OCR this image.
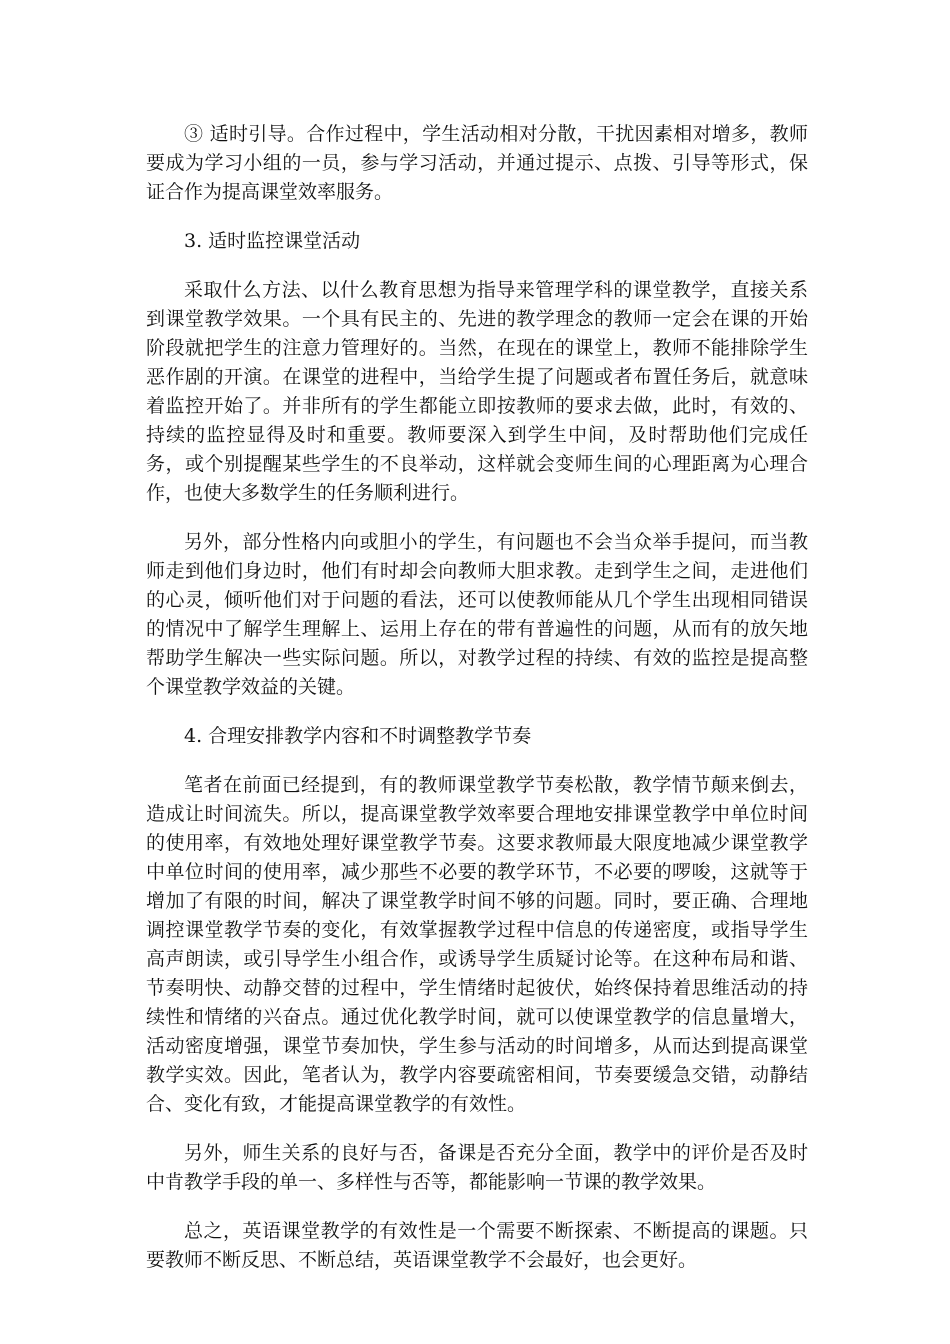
③ 适时引导。合作过程中，学生活动相对分散，干扰因素相对增多，教师要成为学习小组的一员，参与学习活动，并通过提示、点拨、引导等形式，保证合作为提高课堂效率服务。

3. 适时监控课堂活动

采取什么方法、以什么教育思想为指导来管理学科的课堂教学，直接关系到课堂教学效果。一个具有民主的、先进的教学理念的教师一定会在课的开始阶段就把学生的注意力管理好的。当然，在现在的课堂上，教师不能排除学生恶作剧的开演。在课堂的进程中，当给学生提了问题或者布置任务后，就意味着监控开始了。并非所有的学生都能立即按教师的要求去做，此时，有效的、持续的监控显得及时和重要。教师要深入到学生中间，及时帮助他们完成任务，或个别提醒某些学生的不良举动，这样就会变师生间的心理距离为心理合作，也使大多数学生的任务顺利进行。

另外，部分性格内向或胆小的学生，有问题也不会当众举手提问，而当教师走到他们身边时，他们有时却会向教师大胆求教。走到学生之间，走进他们的心灵，倾听他们对于问题的看法，还可以使教师能从几个学生出现相同错误的情况中了解学生理解上、运用上存在的带有普遍性的问题，从而有的放矢地帮助学生解决一些实际问题。所以，对教学过程的持续、有效的监控是提高整个课堂教学效益的关键。

4. 合理安排教学内容和不时调整教学节奏

笔者在前面已经提到，有的教师课堂教学节奏松散，教学情节颠来倒去，造成让时间流失。所以，提高课堂教学效率要合理地安排课堂教学中单位时间的使用率，有效地处理好课堂教学节奏。这要求教师最大限度地减少课堂教学中单位时间的使用率，减少那些不必要的教学环节，不必要的啰唆，这就等于增加了有限的时间，解决了课堂教学时间不够的问题。同时，要正确、合理地调控课堂教学节奏的变化，有效掌握教学过程中信息的传递密度，或指导学生高声朗读，或引导学生小组合作，或诱导学生质疑讨论等。在这种布局和谐、节奏明快、动静交替的过程中，学生情绪时起彼伏，始终保持着思维活动的持续性和情绪的兴奋点。通过优化教学时间，就可以使课堂教学的信息量增大，活动密度增强，课堂节奏加快，学生参与活动的时间增多，从而达到提高课堂教学实效。因此，笔者认为，教学内容要疏密相间，节奏要缓急交错，动静结合、变化有致，才能提高课堂教学的有效性。

另外，师生关系的良好与否，备课是否充分全面，教学中的评价是否及时中肯教学手段的单一、多样性与否等，都能影响一节课的教学效果。

总之，英语课堂教学的有效性是一个需要不断探索、不断提高的课题。只要教师不断反思、不断总结，英语课堂教学不会最好，也会更好。
